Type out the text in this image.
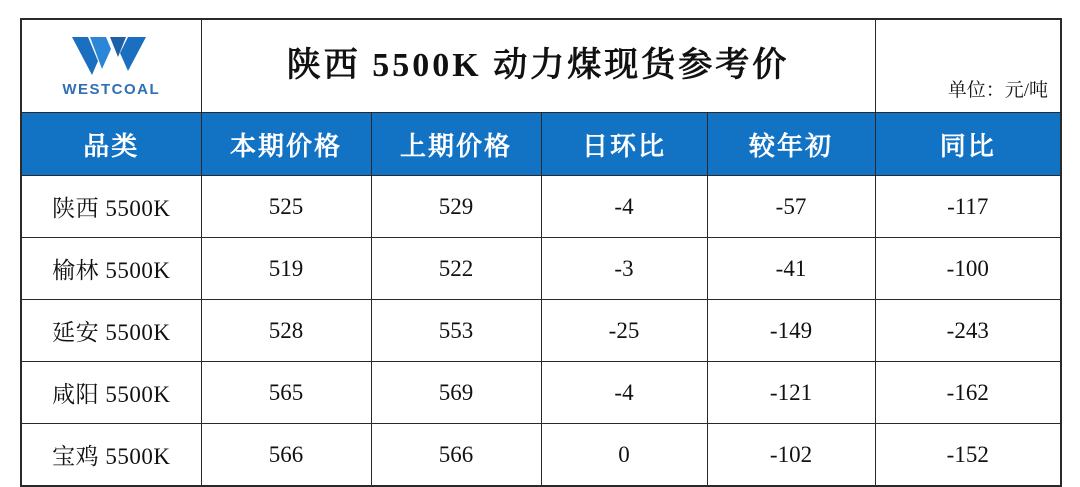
WESTCOAL	陕西 5500K 动力煤现货参考价				单位：元/吨

品类	本期价格	上期价格	日环比	较年初	同比
陕西 5500K	525	529	-4	-57	-117
榆林 5500K	519	522	-3	-41	-100
延安 5500K	528	553	-25	-149	-243
咸阳 5500K	565	569	-4	-121	-162
宝鸡 5500K	566	566	0	-102	-152
